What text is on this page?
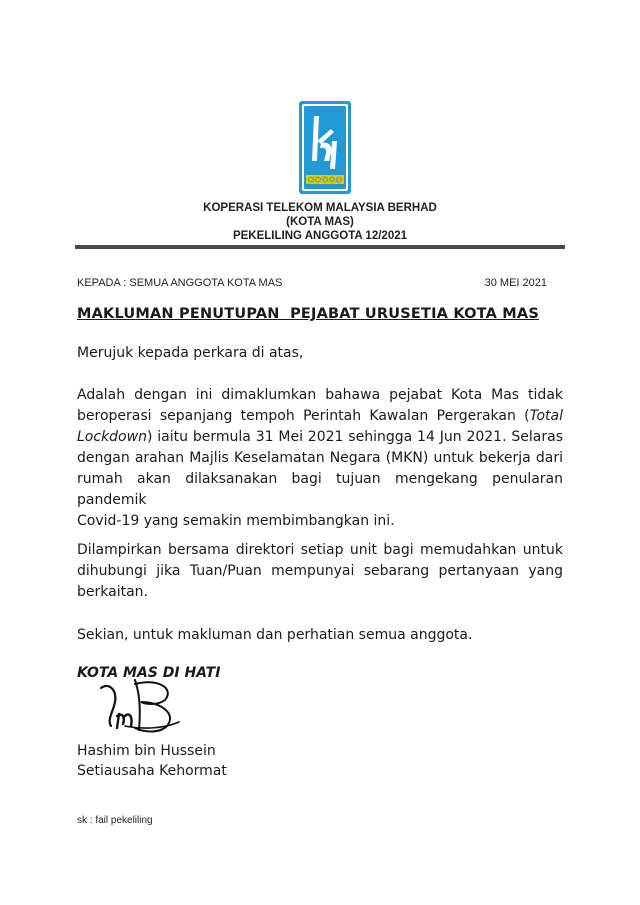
KOPERASI TELEKOM MALAYSIA BERHAD
(KOTA MAS)
PEKELILING ANGGOTA 12/2021
KEPADA : SEMUA ANGGOTA KOTA MAS	30 MEI 2021
MAKLUMAN PENUTUPAN  PEJABAT URUSETIA KOTA MAS
Merujuk kepada perkara di atas,
Adalah dengan ini dimaklumkan bahawa pejabat Kota Mas tidak
beroperasi sepanjang tempoh Perintah Kawalan Pergerakan (Total
Lockdown) iaitu bermula 31 Mei 2021 sehingga 14 Jun 2021. Selaras
dengan arahan Majlis Keselamatan Negara (MKN) untuk bekerja dari
rumah akan dilaksanakan bagi tujuan mengekang penularan pandemik
Covid-19 yang semakin membimbangkan ini.
Dilampirkan bersama direktori setiap unit bagi memudahkan untuk
dihubungi jika Tuan/Puan mempunyai sebarang pertanyaan yang
berkaitan.
Sekian, untuk makluman dan perhatian semua anggota.
KOTA MAS DI HATI
Hashim bin Hussein
Setiausaha Kehormat
sk : fail pekeliling
